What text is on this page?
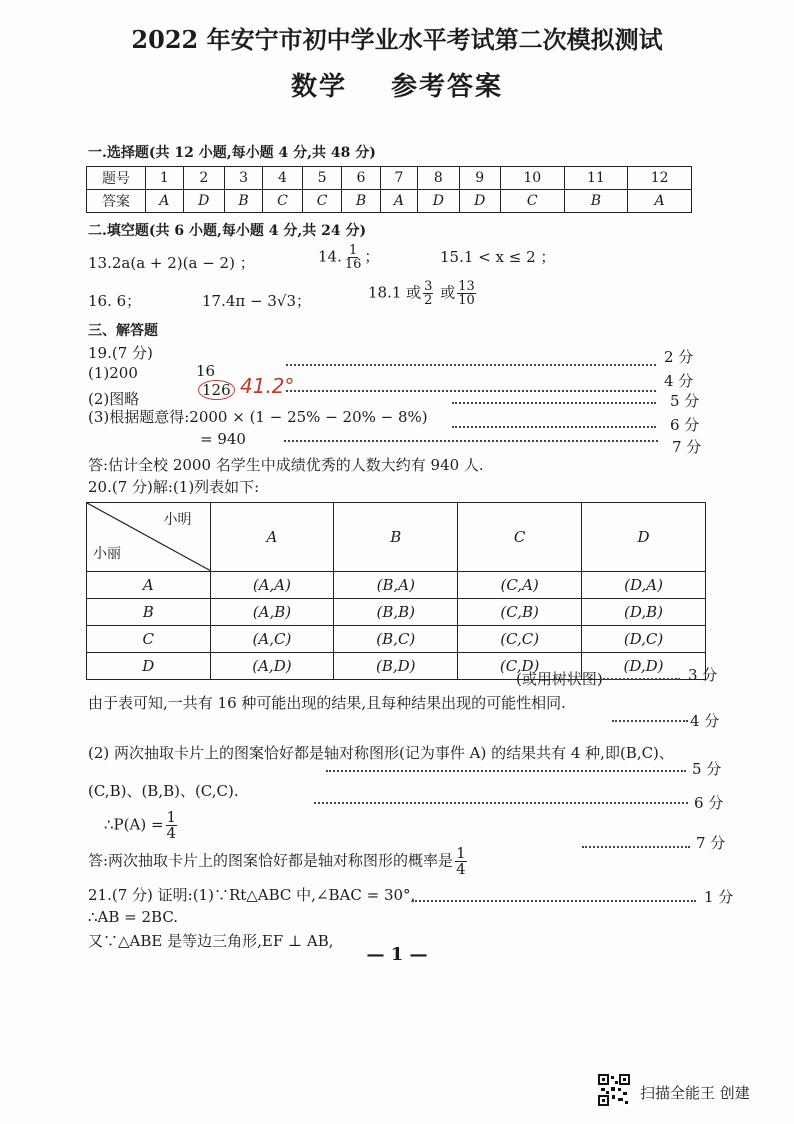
2022 年安宁市初中学业水平考试第二次模拟测试
数学 参考答案
一.选择题(共 12 小题,每小题 4 分,共 48 分)
题号	1	2	3	4	5	6	7	8	9	10	11	12
答案	A	D	B	C	C	B	A	D	D	C	B	A
二.填空题(共 6 小题,每小题 4 分,共 24 分)
13.2a(a + 2)(a − 2) ；	14. $\frac{1}{16}$ ；	15.1 < x ≤ 2 ；
16. 6；	17.4π − 3√3；	18.1 或 $\frac{3}{2}$ 或 $\frac{13}{10}$
三、解答题
19.(7 分)
(1)200	16
2 分
(2)图略	126 41.2°	4 分
(3)根据题意得:2000 × (1 − 25% − 20% − 8%)
5 分
6 分
= 940	7 分
答:估计全校 2000 名学生中成绩优秀的人数大约有 940 人.
20.(7 分)解:(1)列表如下:
小明
小丽	A	B	C	D
A	(A,A)	(B,A)	(C,A)	(D,A)
B	(A,B)	(B,B)	(C,B)	(D,B)
C	(A,C)	(B,C)	(C,C)	(D,C)
D	(A,D)	(B,D)	(C,D)	(D,D)
(或用树状图)	3 分
由于表可知,一共有 16 种可能出现的结果,且每种结果出现的可能性相同.
4 分
(2) 两次抽取卡片上的图案恰好都是轴对称图形(记为事件 A) 的结果共有 4 种,即(B,C)、
5 分
(C,B)、(B,B)、(C,C).
6 分
∴P(A) = $\frac{1}{4}$
7 分
答:两次抽取卡片上的图案恰好都是轴对称图形的概率是 $\frac{1}{4}$
21.(7 分) 证明:(1)∵Rt△ABC 中,∠BAC = 30°,	1 分
∴AB = 2BC.
又∵△ABE 是等边三角形,EF ⊥ AB,
— 1 —
扫描全能王 创建
